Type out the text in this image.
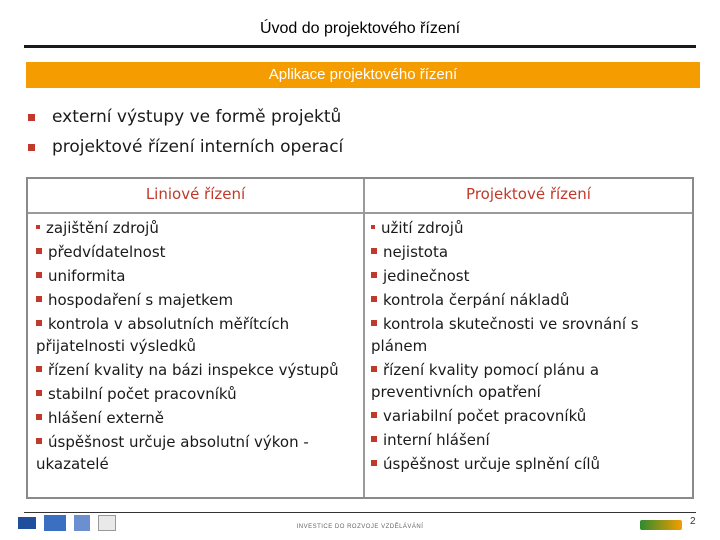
Úvod do projektového řízení
Aplikace projektového řízení
externí výstupy ve formě projektů
projektové řízení interních operací
Liniové řízení	Projektové řízení
zajištění zdrojů
předvídatelnost
uniformita
hospodaření s majetkem
kontrola v absolutních měřítcích přijatelnosti výsledků
řízení kvality na bázi inspekce výstupů
stabilní počet pracovníků
hlášení externě
úspěšnost určuje absolutní výkon - ukazatelé
užití zdrojů
nejistota
jedinečnost
kontrola čerpání nákladů
kontrola skutečnosti ve srovnání s plánem
řízení kvality pomocí plánu a preventivních opatření
variabilní počet pracovníků
interní hlášení
úspěšnost určuje splnění cílů
INVESTICE DO ROZVOJE VZDĚLÁVÁNÍ	2
